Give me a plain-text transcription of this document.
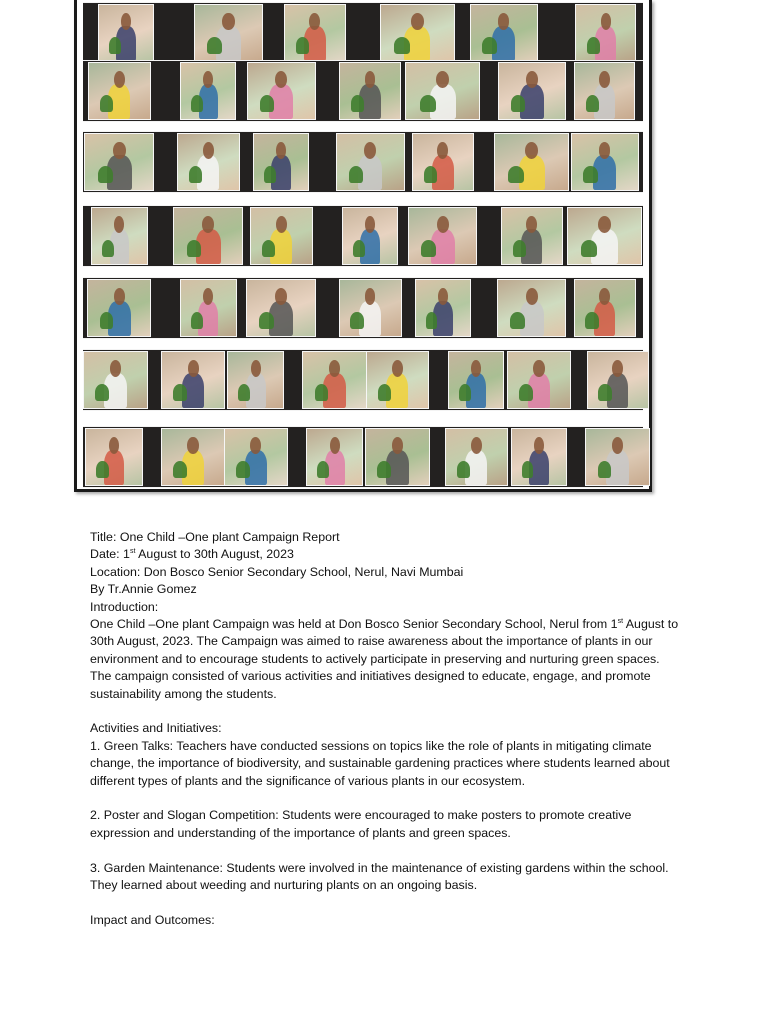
Title: One Child –One plant Campaign Report

Date: 1st August to 30th August, 2023

Location: Don Bosco Senior Secondary School, Nerul, Navi Mumbai

By Tr.Annie Gomez

Introduction:

One Child –One plant Campaign was held at Don Bosco Senior Secondary School, Nerul from 1st August to 30th August, 2023. The Campaign was aimed to raise awareness about the importance of plants in our environment and to encourage students to actively participate in preserving and nurturing green spaces. The campaign consisted of various activities and initiatives designed to educate, engage, and promote sustainability among the students.

Activities and Initiatives:

1. Green Talks: Teachers have conducted sessions on topics like the role of plants in mitigating climate change, the importance of biodiversity, and sustainable gardening practices where students learned about different types of plants and the significance of various plants in our ecosystem.

2. Poster and Slogan Competition: Students were encouraged to make posters to promote creative expression and understanding of the importance of plants and green spaces.

3. Garden Maintenance: Students were involved in the maintenance of existing gardens within the school. They learned about weeding and nurturing plants on an ongoing basis.

Impact and Outcomes:
